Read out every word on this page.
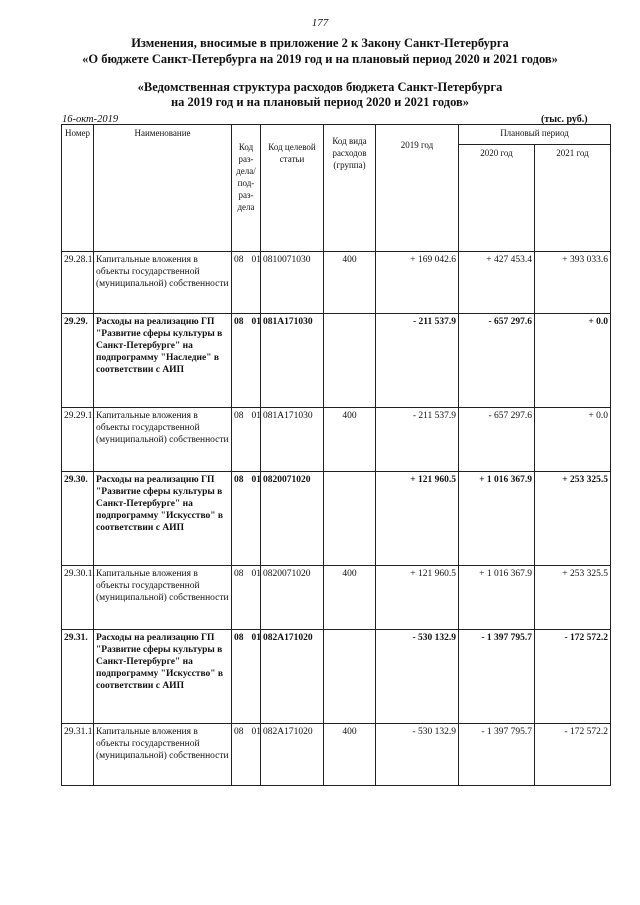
177
Изменения, вносимые в приложение 2 к Закону Санкт-Петербурга
«О бюджете Санкт-Петербурга на 2019 год и на плановый период 2020 и 2021 годов»
«Ведомственная структура расходов бюджета Санкт-Петербурга
на 2019 год и на плановый период 2020 и 2021 годов»
16-окт-2019	(тыс. руб.)
Номер	Наименование	Код раз-дела/ под-раз-дела	Код целевой статьи	Код вида расходов (группа)	2019 год	Плановый период	
						2020 год	2021 год
29.28.1.	Капитальные вложения в объекты государственной (муниципальной) собственности	08 01	0810071030	400	+ 169 042.6	+ 427 453.4	+ 393 033.6
29.29.	Расходы на реализацию ГП "Развитие сферы культуры в Санкт-Петербурге" на подпрограмму "Наследие" в соответствии с АИП	08 01	081А171030		- 211 537.9	- 657 297.6	+ 0.0
29.29.1.	Капитальные вложения в объекты государственной (муниципальной) собственности	08 01	081А171030	400	- 211 537.9	- 657 297.6	+ 0.0
29.30.	Расходы на реализацию ГП "Развитие сферы культуры в Санкт-Петербурге" на подпрограмму "Искусство" в соответствии с АИП	08 01	0820071020		+ 121 960.5	+ 1 016 367.9	+ 253 325.5
29.30.1.	Капитальные вложения в объекты государственной (муниципальной) собственности	08 01	0820071020	400	+ 121 960.5	+ 1 016 367.9	+ 253 325.5
29.31.	Расходы на реализацию ГП "Развитие сферы культуры в Санкт-Петербурге" на подпрограмму "Искусство" в соответствии с АИП	08 01	082А171020		- 530 132.9	- 1 397 795.7	- 172 572.2
29.31.1.	Капитальные вложения в объекты государственной (муниципальной) собственности	08 01	082А171020	400	- 530 132.9	- 1 397 795.7	- 172 572.2
